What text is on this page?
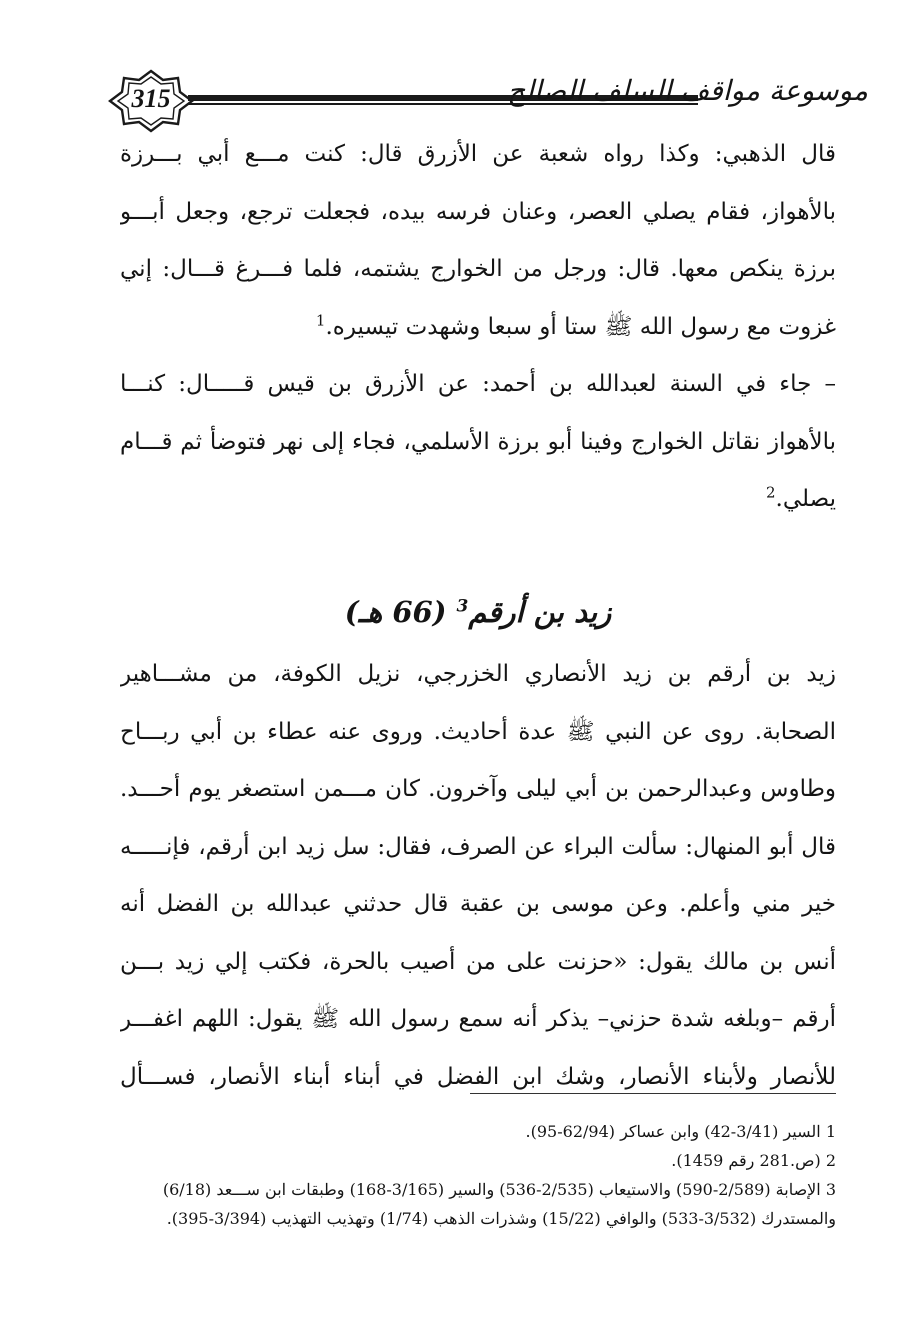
315	موسوعة مواقف السلف الصالح
قال الذهبي: وكذا رواه شعبة عن الأزرق قال: كنت مـــع أبي بـــرزة
بالأهواز، فقام يصلي العصر، وعنان فرسه بيده، فجعلت ترجع، وجعل أبـــو
برزة ينكص معها. قال: ورجل من الخوارج يشتمه، فلما فـــرغ قـــال: إني
غزوت مع رسول الله ﷺ ستا أو سبعا وشهدت تيسيره.$^1$
– جاء في السنة لعبدالله بن أحمد: عن الأزرق بن قيس قـــــال: كنـــا
بالأهواز نقاتل الخوارج وفينا أبو برزة الأسلمي، فجاء إلى نهر فتوضأ ثم قـــام
يصلي.$^2$
زيد بن أرقم$^3$ (66 هـ)
زيد بن أرقم بن زيد الأنصاري الخزرجي، نزيل الكوفة، من مشـــاهير
الصحابة. روى عن النبي ﷺ عدة أحاديث. وروى عنه عطاء بن أبي ربـــاح
وطاوس وعبدالرحمن بن أبي ليلى وآخرون. كان مـــمن استصغر يوم أحـــد.
قال أبو المنهال: سألت البراء عن الصرف، فقال: سل زيد ابن أرقم، فإنـــــه
خير مني وأعلم. وعن موسى بن عقبة قال حدثني عبدالله بن الفضل أنه
أنس بن مالك يقول: «حزنت على من أصيب بالحرة، فكتب إلي زيد بـــن
أرقم –وبلغه شدة حزني– يذكر أنه سمع رسول الله ﷺ يقول: اللهم اغفـــر
للأنصار ولأبناء الأنصار، وشك ابن الفضل في أبناء أبناء الأنصار، فســـأل
1 السير (3/41-42) وابن عساكر (62/94-95).
2 (ص.281 رقم 1459).
3 الإصابة (2/589-590) والاستيعاب (2/535-536) والسير (3/165-168) وطبقات ابن ســـعد (6/18)
والمستدرك (3/532-533) والوافي (15/22) وشذرات الذهب (1/74) وتهذيب التهذيب (3/394-395).
